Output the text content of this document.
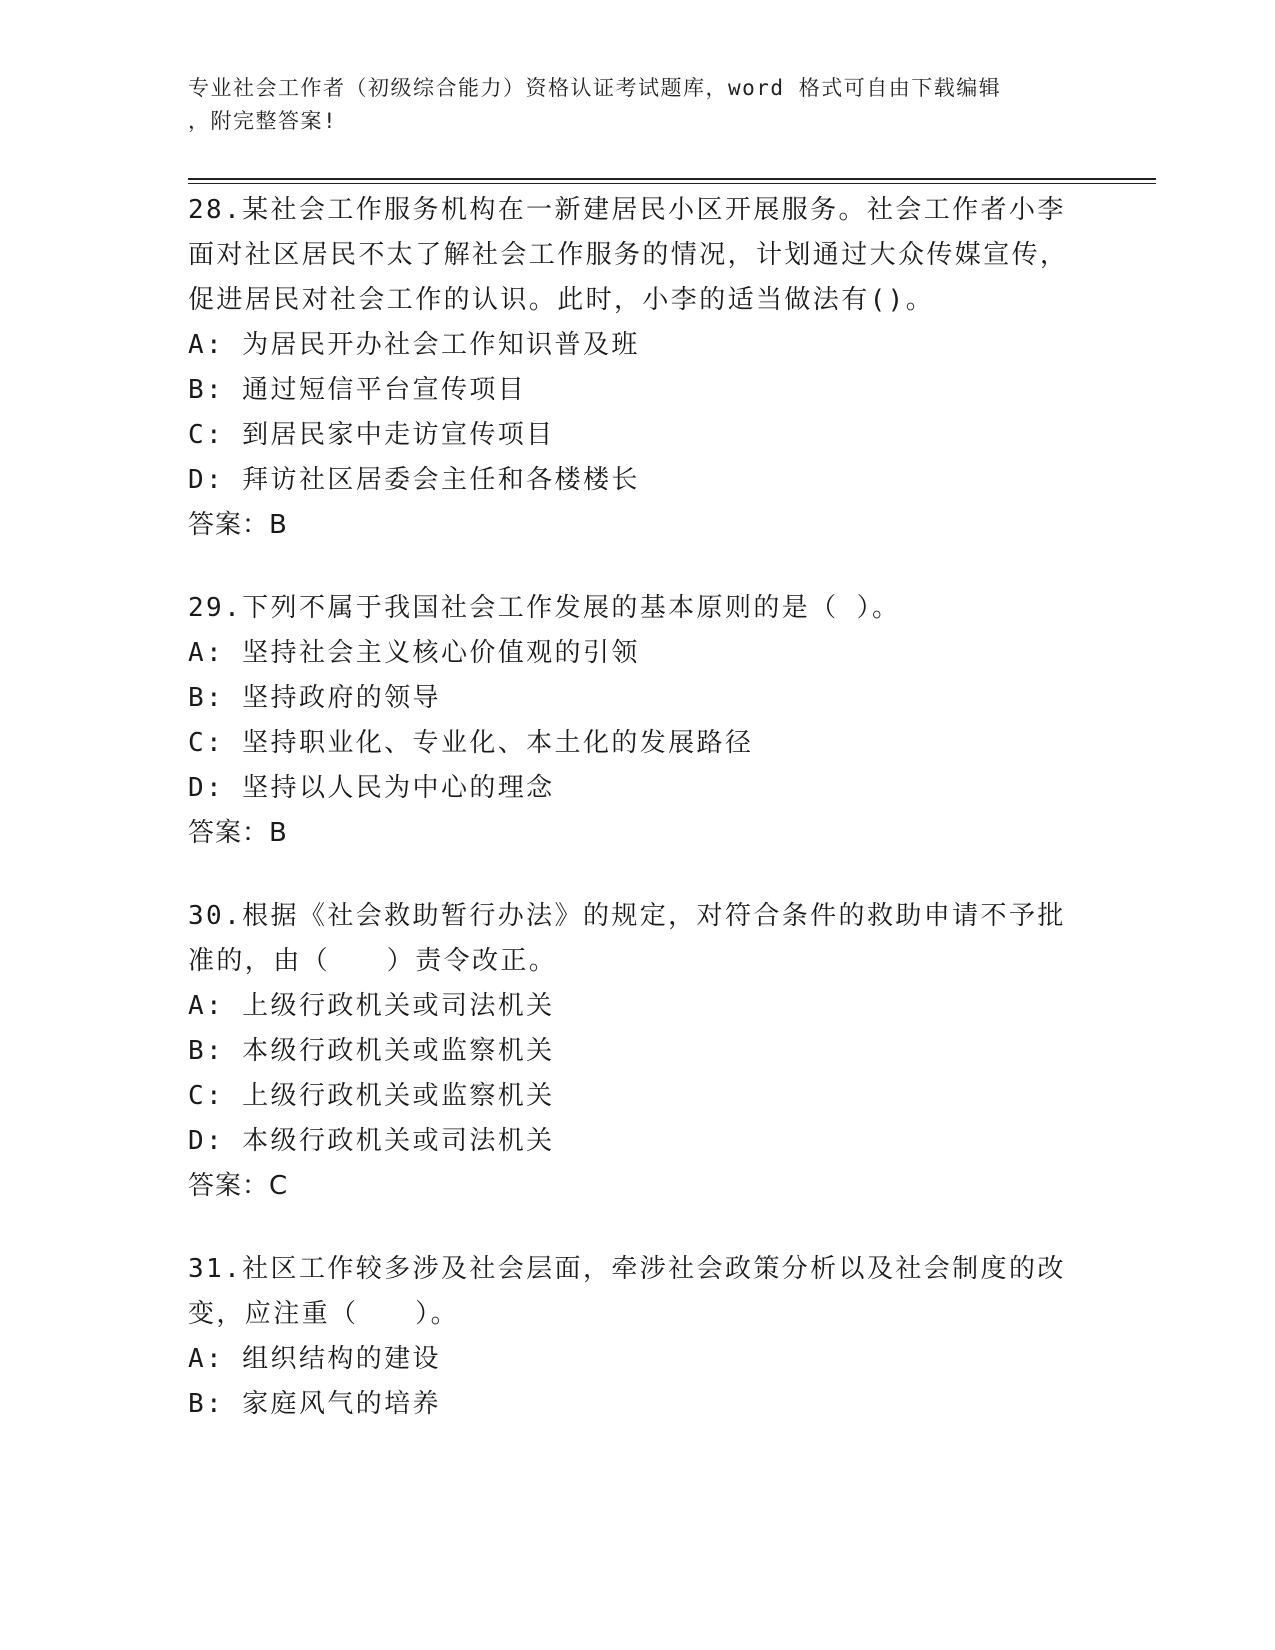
专业社会工作者（初级综合能力）资格认证考试题库，word 格式可自由下载编辑
，附完整答案!
28.某社会工作服务机构在一新建居民小区开展服务。社会工作者小李面对社区居民不太了解社会工作服务的情况，计划通过大众传媒宣传，促进居民对社会工作的认识。此时，小李的适当做法有()。
A: 为居民开办社会工作知识普及班
B: 通过短信平台宣传项目
C: 到居民家中走访宣传项目
D: 拜访社区居委会主任和各楼楼长
答案：B
29.下列不属于我国社会工作发展的基本原则的是（ ）。
A: 坚持社会主义核心价值观的引领
B: 坚持政府的领导
C: 坚持职业化、专业化、本土化的发展路径
D: 坚持以人民为中心的理念
答案：B
30.根据《社会救助暂行办法》的规定，对符合条件的救助申请不予批准的，由（　　）责令改正。
A: 上级行政机关或司法机关
B: 本级行政机关或监察机关
C: 上级行政机关或监察机关
D: 本级行政机关或司法机关
答案：C
31.社区工作较多涉及社会层面，牵涉社会政策分析以及社会制度的改变，应注重（　　）。
A: 组织结构的建设
B: 家庭风气的培养
